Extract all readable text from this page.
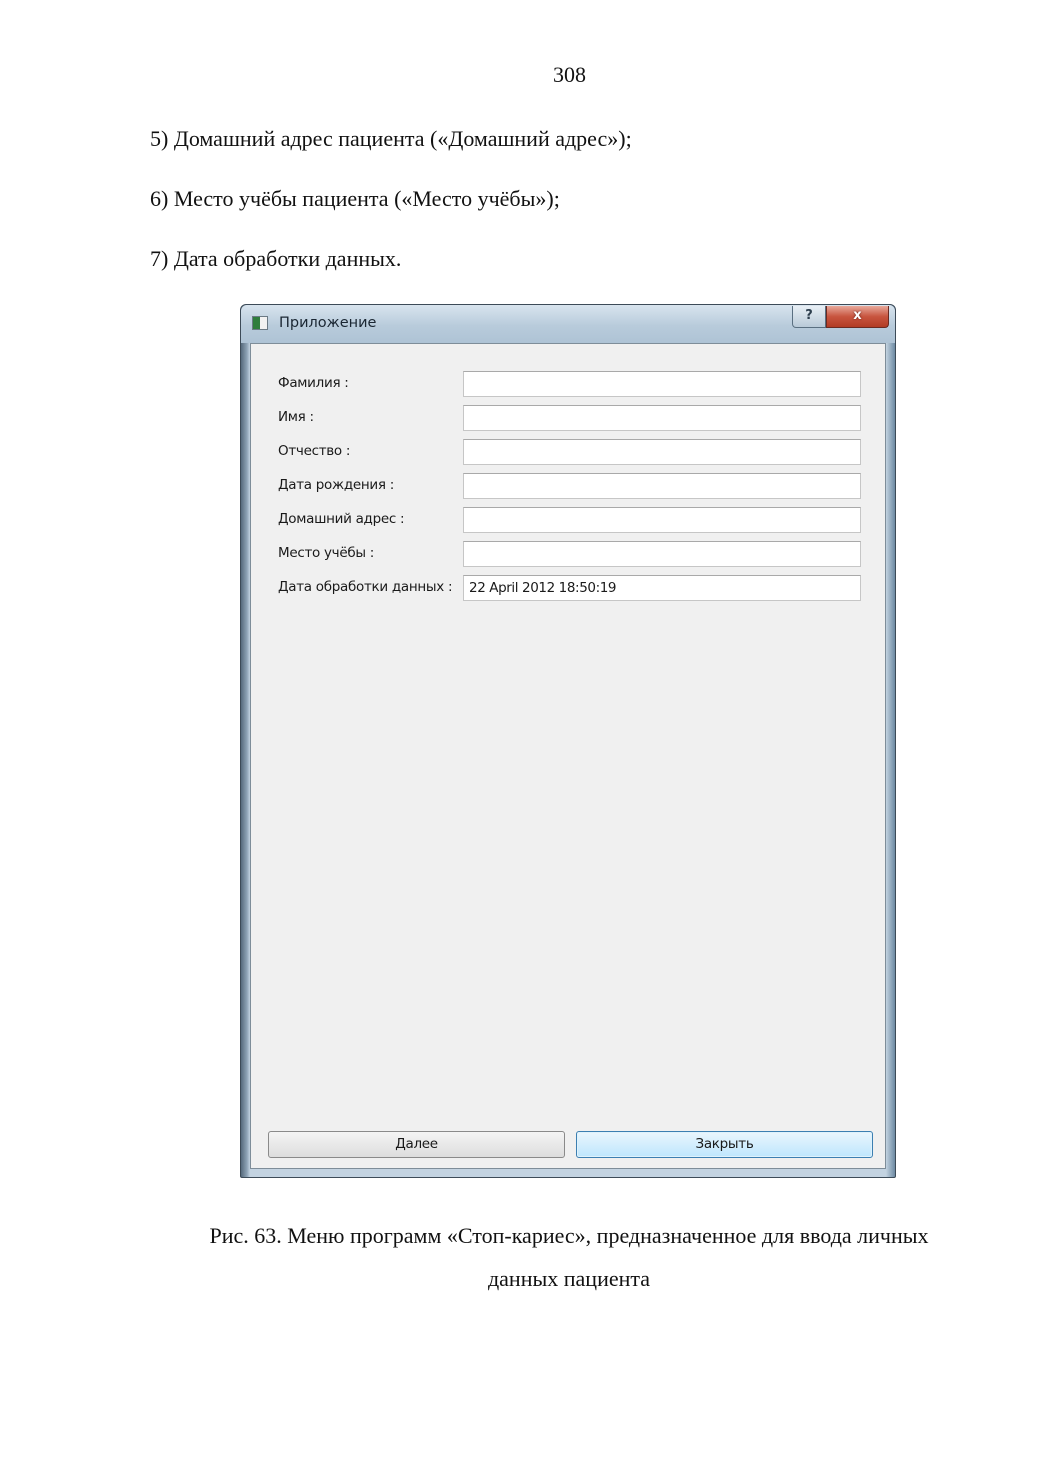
308
5) Домашний адрес пациента («Домашний адрес»);
6) Место учёбы пациента («Место учёбы»);
7) Дата обработки данных.
Приложение	?	x
Фамилия :
Имя :
Отчество :
Дата рождения :
Домашний адрес :
Место учёбы :
Дата обработки данных :
22 April 2012 18:50:19
Далее	Закрыть
Рис. 63. Меню программ «Стоп-кариес», предназначенное для ввода личных
данных пациента
